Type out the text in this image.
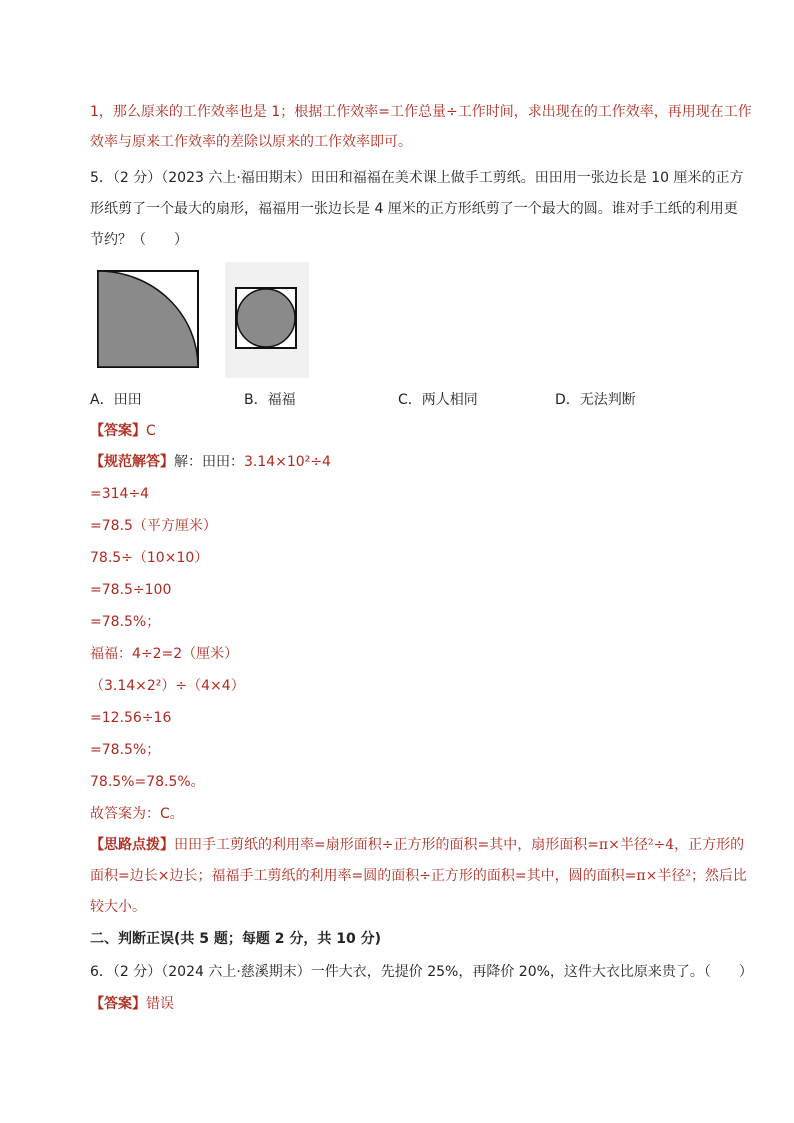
1，那么原来的工作效率也是 1；根据工作效率=工作总量÷工作时间，求出现在的工作效率，再用现在工作
效率与原来工作效率的差除以原来的工作效率即可。
5．（2 分）（2023 六上·福田期末）田田和福福在美术课上做手工剪纸。田田用一张边长是 10 厘米的正方
形纸剪了一个最大的扇形，福福用一张边长是 4 厘米的正方形纸剪了一个最大的圆。谁对手工纸的利用更
节约？（　　）
A．田田	B．福福	C．两人相同	D．无法判断
【答案】C
【规范解答】解：田田：3.14×10²÷4
=314÷4
=78.5（平方厘米）
78.5÷（10×10）
=78.5÷100
=78.5%；
福福：4÷2=2（厘米）
（3.14×2²）÷（4×4）
=12.56÷16
=78.5%；
78.5%=78.5%。
故答案为：C。
【思路点拨】田田手工剪纸的利用率=扇形面积÷正方形的面积=其中，扇形面积=π×半径²÷4，正方形的
面积=边长×边长；福福手工剪纸的利用率=圆的面积÷正方形的面积=其中，圆的面积=π×半径²；然后比
较大小。
二、判断正误(共 5 题；每题 2 分，共 10 分)
6．（2 分）（2024 六上·慈溪期末）一件大衣，先提价 25%，再降价 20%，这件大衣比原来贵了。（　　）
【答案】错误
